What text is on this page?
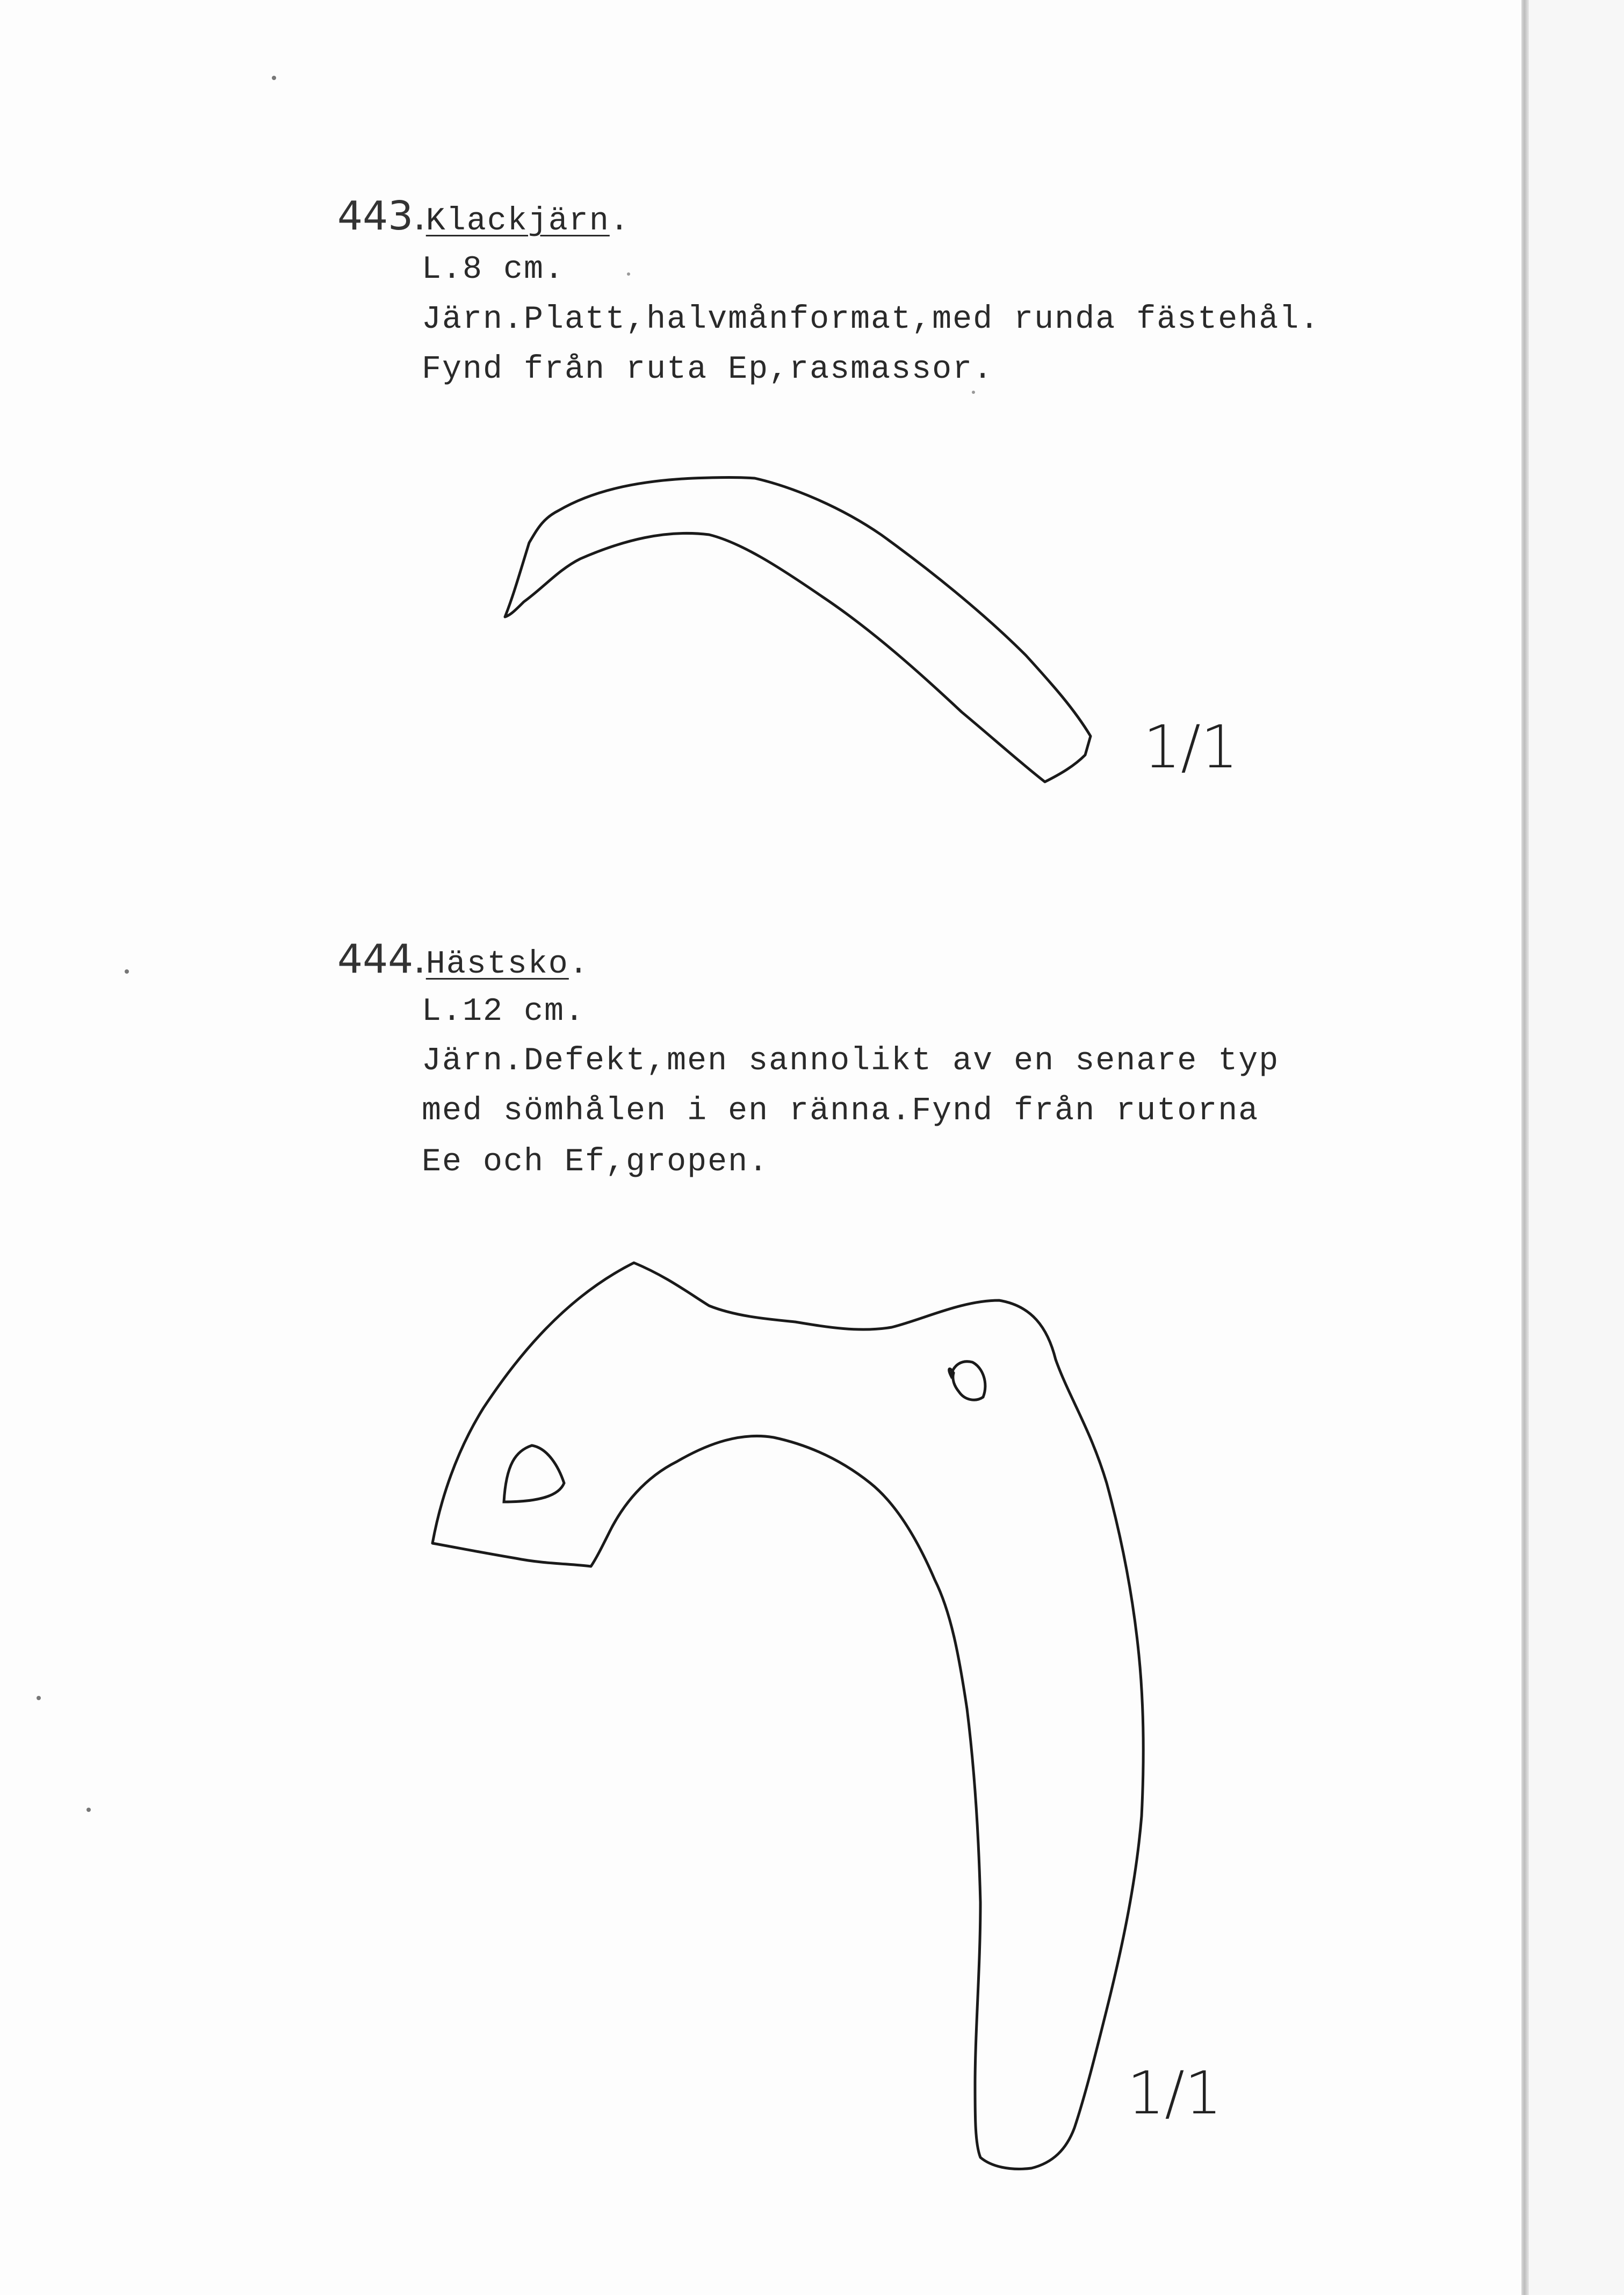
443.Klackjärn.
L.8 cm.
Järn.Platt,halvmånformat,med runda fästehål.
Fynd från ruta Ep,rasmassor.
444.Hästsko.
L.12 cm.
Järn.Defekt,men sannolikt av en senare typ
med sömhålen i en ränna.Fynd från rutorna
Ee och Ef,gropen.
1/1
1/1
